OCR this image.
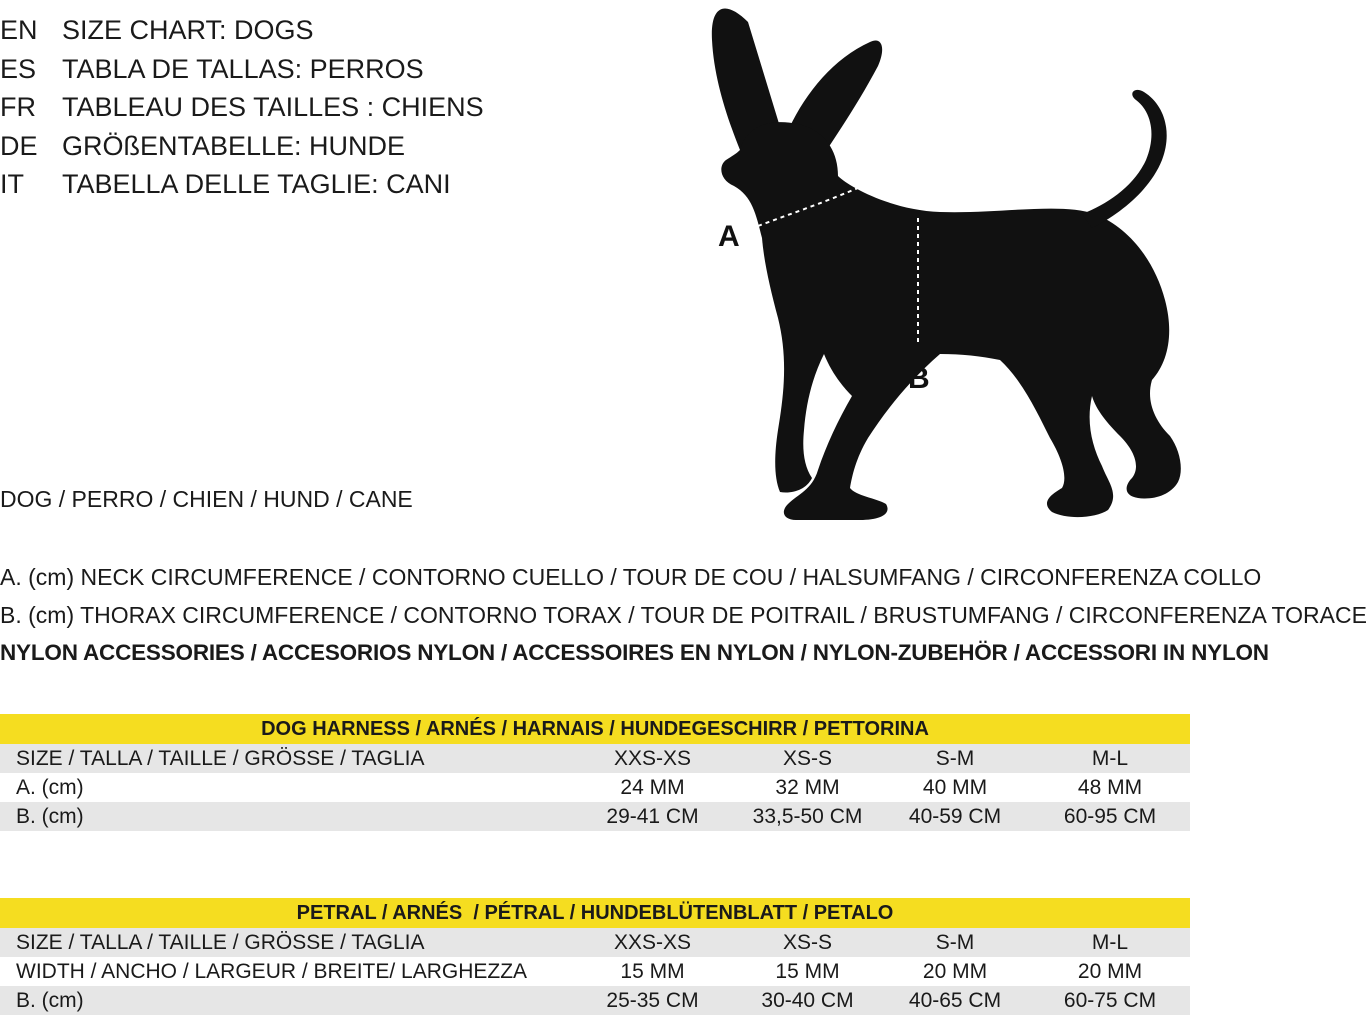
EN SIZE CHART: DOGS
ES TABLA DE TALLAS: PERROS
FR TABLEAU DES TAILLES : CHIENS
DE GRÖßENTABELLE: HUNDE
IT TABELLA DELLE TAGLIE: CANI
A
B
DOG / PERRO / CHIEN / HUND / CANE
A. (cm) NECK CIRCUMFERENCE / CONTORNO CUELLO / TOUR DE COU / HALSUMFANG / CIRCONFERENZA COLLO
B. (cm) THORAX CIRCUMFERENCE / CONTORNO TORAX / TOUR DE POITRAIL / BRUSTUMFANG / CIRCONFERENZA TORACE
NYLON ACCESSORIES / ACCESORIOS NYLON / ACCESSOIRES EN NYLON / NYLON-ZUBEHÖR / ACCESSORI IN NYLON
DOG HARNESS / ARNÉS / HARNAIS / HUNDEGESCHIRR / PETTORINA
SIZE / TALLA / TAILLE / GRÖSSE / TAGLIA	XXS-XS	XS-S	S-M	M-L
A. (cm)	24 MM	32 MM	40 MM	48 MM
B. (cm)	29-41 CM	33,5-50 CM	40-59 CM	60-95 CM
PETRAL / ARNÉS  / PÉTRAL / HUNDEBLÜTENBLATT / PETALO
SIZE / TALLA / TAILLE / GRÖSSE / TAGLIA	XXS-XS	XS-S	S-M	M-L
WIDTH / ANCHO / LARGEUR / BREITE/ LARGHEZZA	15 MM	15 MM	20 MM	20 MM
B. (cm)	25-35 CM	30-40 CM	40-65 CM	60-75 CM
